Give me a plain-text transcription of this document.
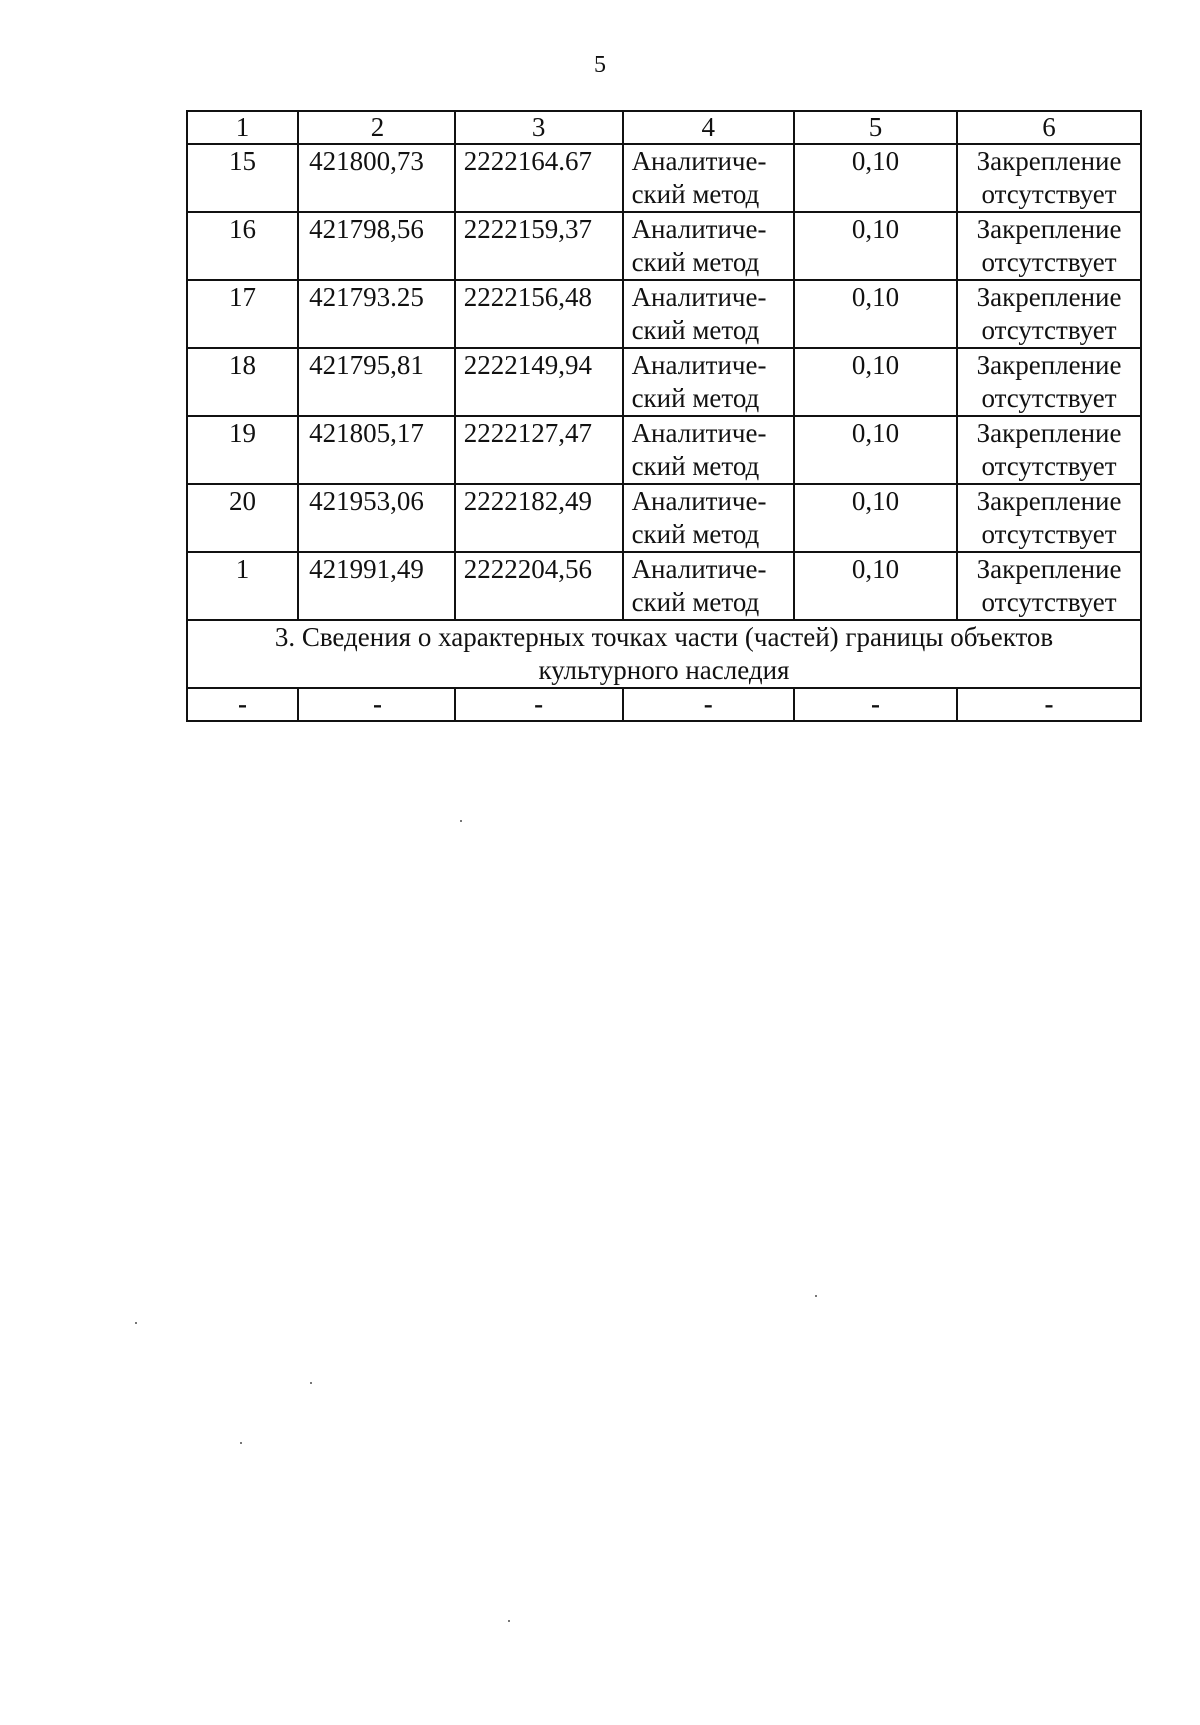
5
1	2	3	4	5	6
15	421800,73	2222164.67	Аналитиче-ский метод	0,10	Закрепление отсутствует
16	421798,56	2222159,37	Аналитиче-ский метод	0,10	Закрепление отсутствует
17	421793.25	2222156,48	Аналитиче-ский метод	0,10	Закрепление отсутствует
18	421795,81	2222149,94	Аналитиче-ский метод	0,10	Закрепление отсутствует
19	421805,17	2222127,47	Аналитиче-ский метод	0,10	Закрепление отсутствует
20	421953,06	2222182,49	Аналитиче-ский метод	0,10	Закрепление отсутствует
1	421991,49	2222204,56	Аналитиче-ский метод	0,10	Закрепление отсутствует
3. Сведения о характерных точках части (частей) границы объектов культурного наследия					
-	-	-	-	-	-
